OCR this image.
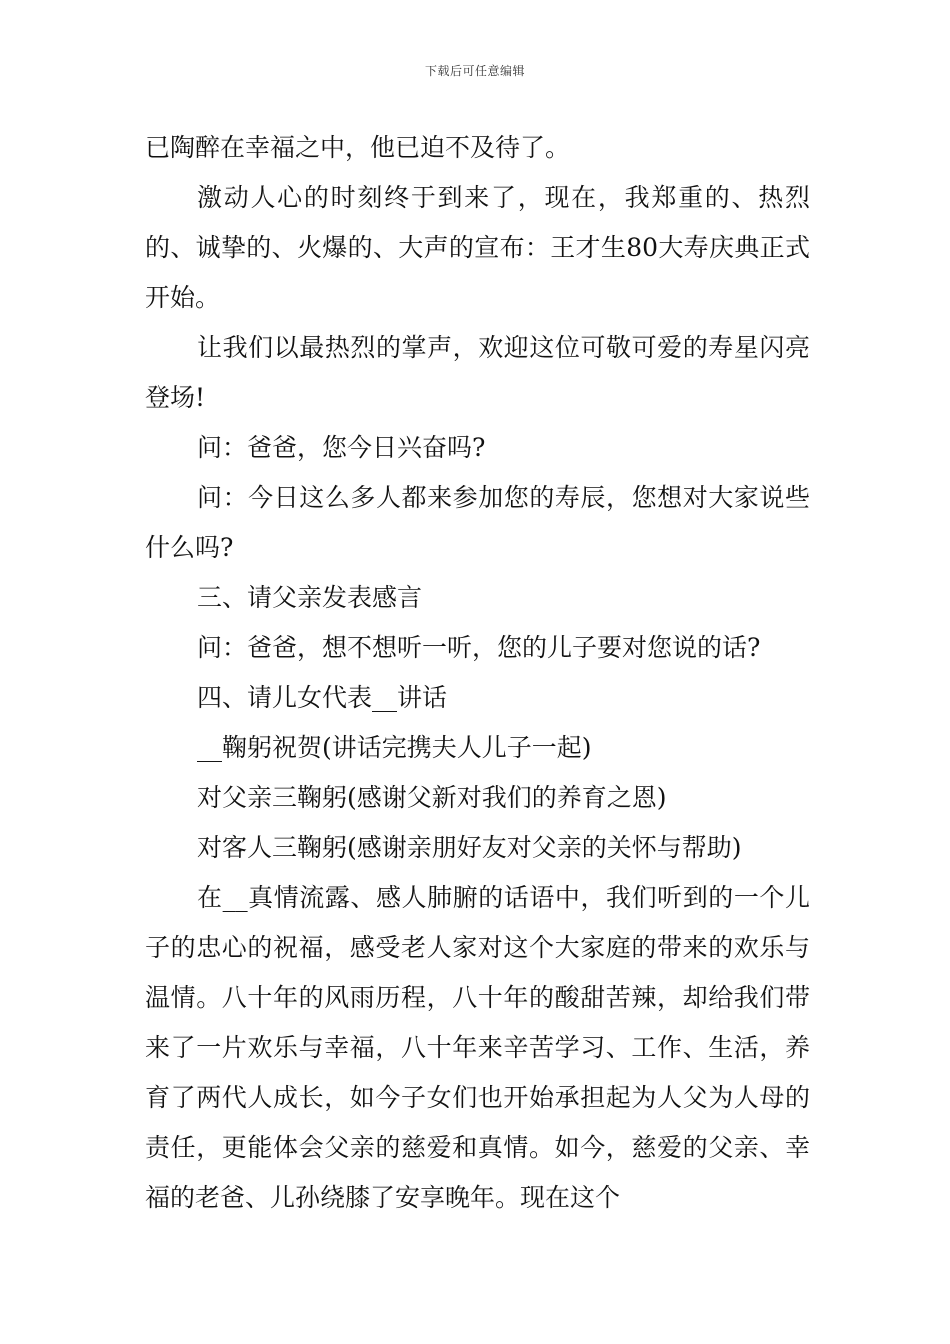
下载后可任意编辑

已陶醉在幸福之中，他已迫不及待了。

激动人心的时刻终于到来了，现在，我郑重的、热烈的、诚挚的、火爆的、大声的宣布：王才生80大寿庆典正式开始。

让我们以最热烈的掌声，欢迎这位可敬可爱的寿星闪亮登场!

问：爸爸，您今日兴奋吗?

问：今日这么多人都来参加您的寿辰，您想对大家说些什么吗?

三、请父亲发表感言

问：爸爸，想不想听一听，您的儿子要对您说的话?

四、请儿女代表__讲话

__鞠躬祝贺(讲话完携夫人儿子一起)

对父亲三鞠躬(感谢父新对我们的养育之恩)

对客人三鞠躬(感谢亲朋好友对父亲的关怀与帮助)

在__真情流露、感人肺腑的话语中，我们听到的一个儿子的忠心的祝福，感受老人家对这个大家庭的带来的欢乐与温情。八十年的风雨历程，八十年的酸甜苦辣，却给我们带来了一片欢乐与幸福，八十年来辛苦学习、工作、生活，养育了两代人成长，如今子女们也开始承担起为人父为人母的责任，更能体会父亲的慈爱和真情。如今，慈爱的父亲、幸福的老爸、儿孙绕膝了安享晚年。现在这个
